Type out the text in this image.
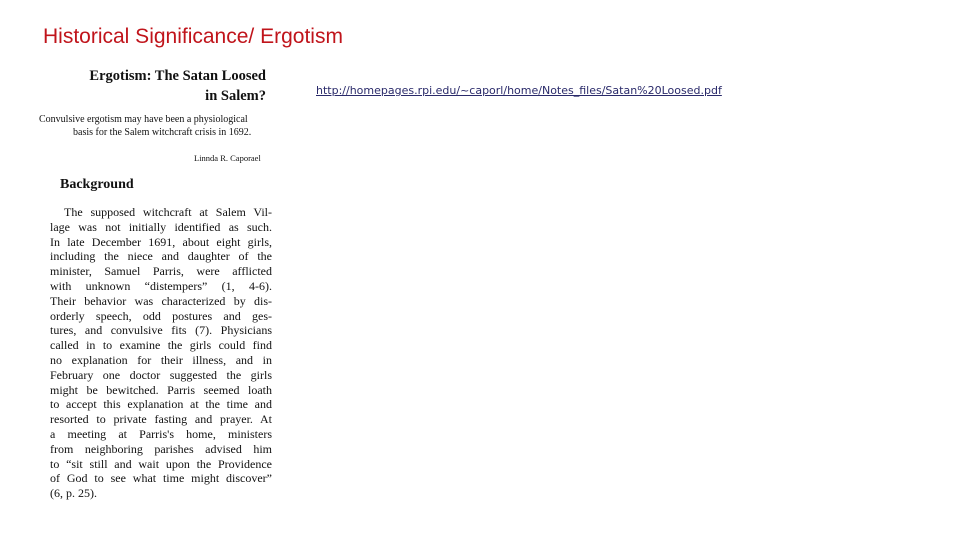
Historical Significance/ Ergotism
Ergotism: The Satan Loosed
in Salem?
Convulsive ergotism may have been a physiological
basis for the Salem witchcraft crisis in 1692.
Linnda R. Caporael
Background
The supposed witchcraft at Salem Vil-
lage was not initially identified as such.
In late December 1691, about eight girls,
including the niece and daughter of the
minister, Samuel Parris, were afflicted
with unknown “distempers” (1, 4-6).
Their behavior was characterized by dis-
orderly speech, odd postures and ges-
tures, and convulsive fits (7). Physicians
called in to examine the girls could find
no explanation for their illness, and in
February one doctor suggested the girls
might be bewitched. Parris seemed loath
to accept this explanation at the time and
resorted to private fasting and prayer. At
a meeting at Parris's home, ministers
from neighboring parishes advised him
to “sit still and wait upon the Providence
of God to see what time might discover”
(6, p. 25).
http://homepages.rpi.edu/~caporl/home/Notes_files/Satan%20Loosed.pdf
